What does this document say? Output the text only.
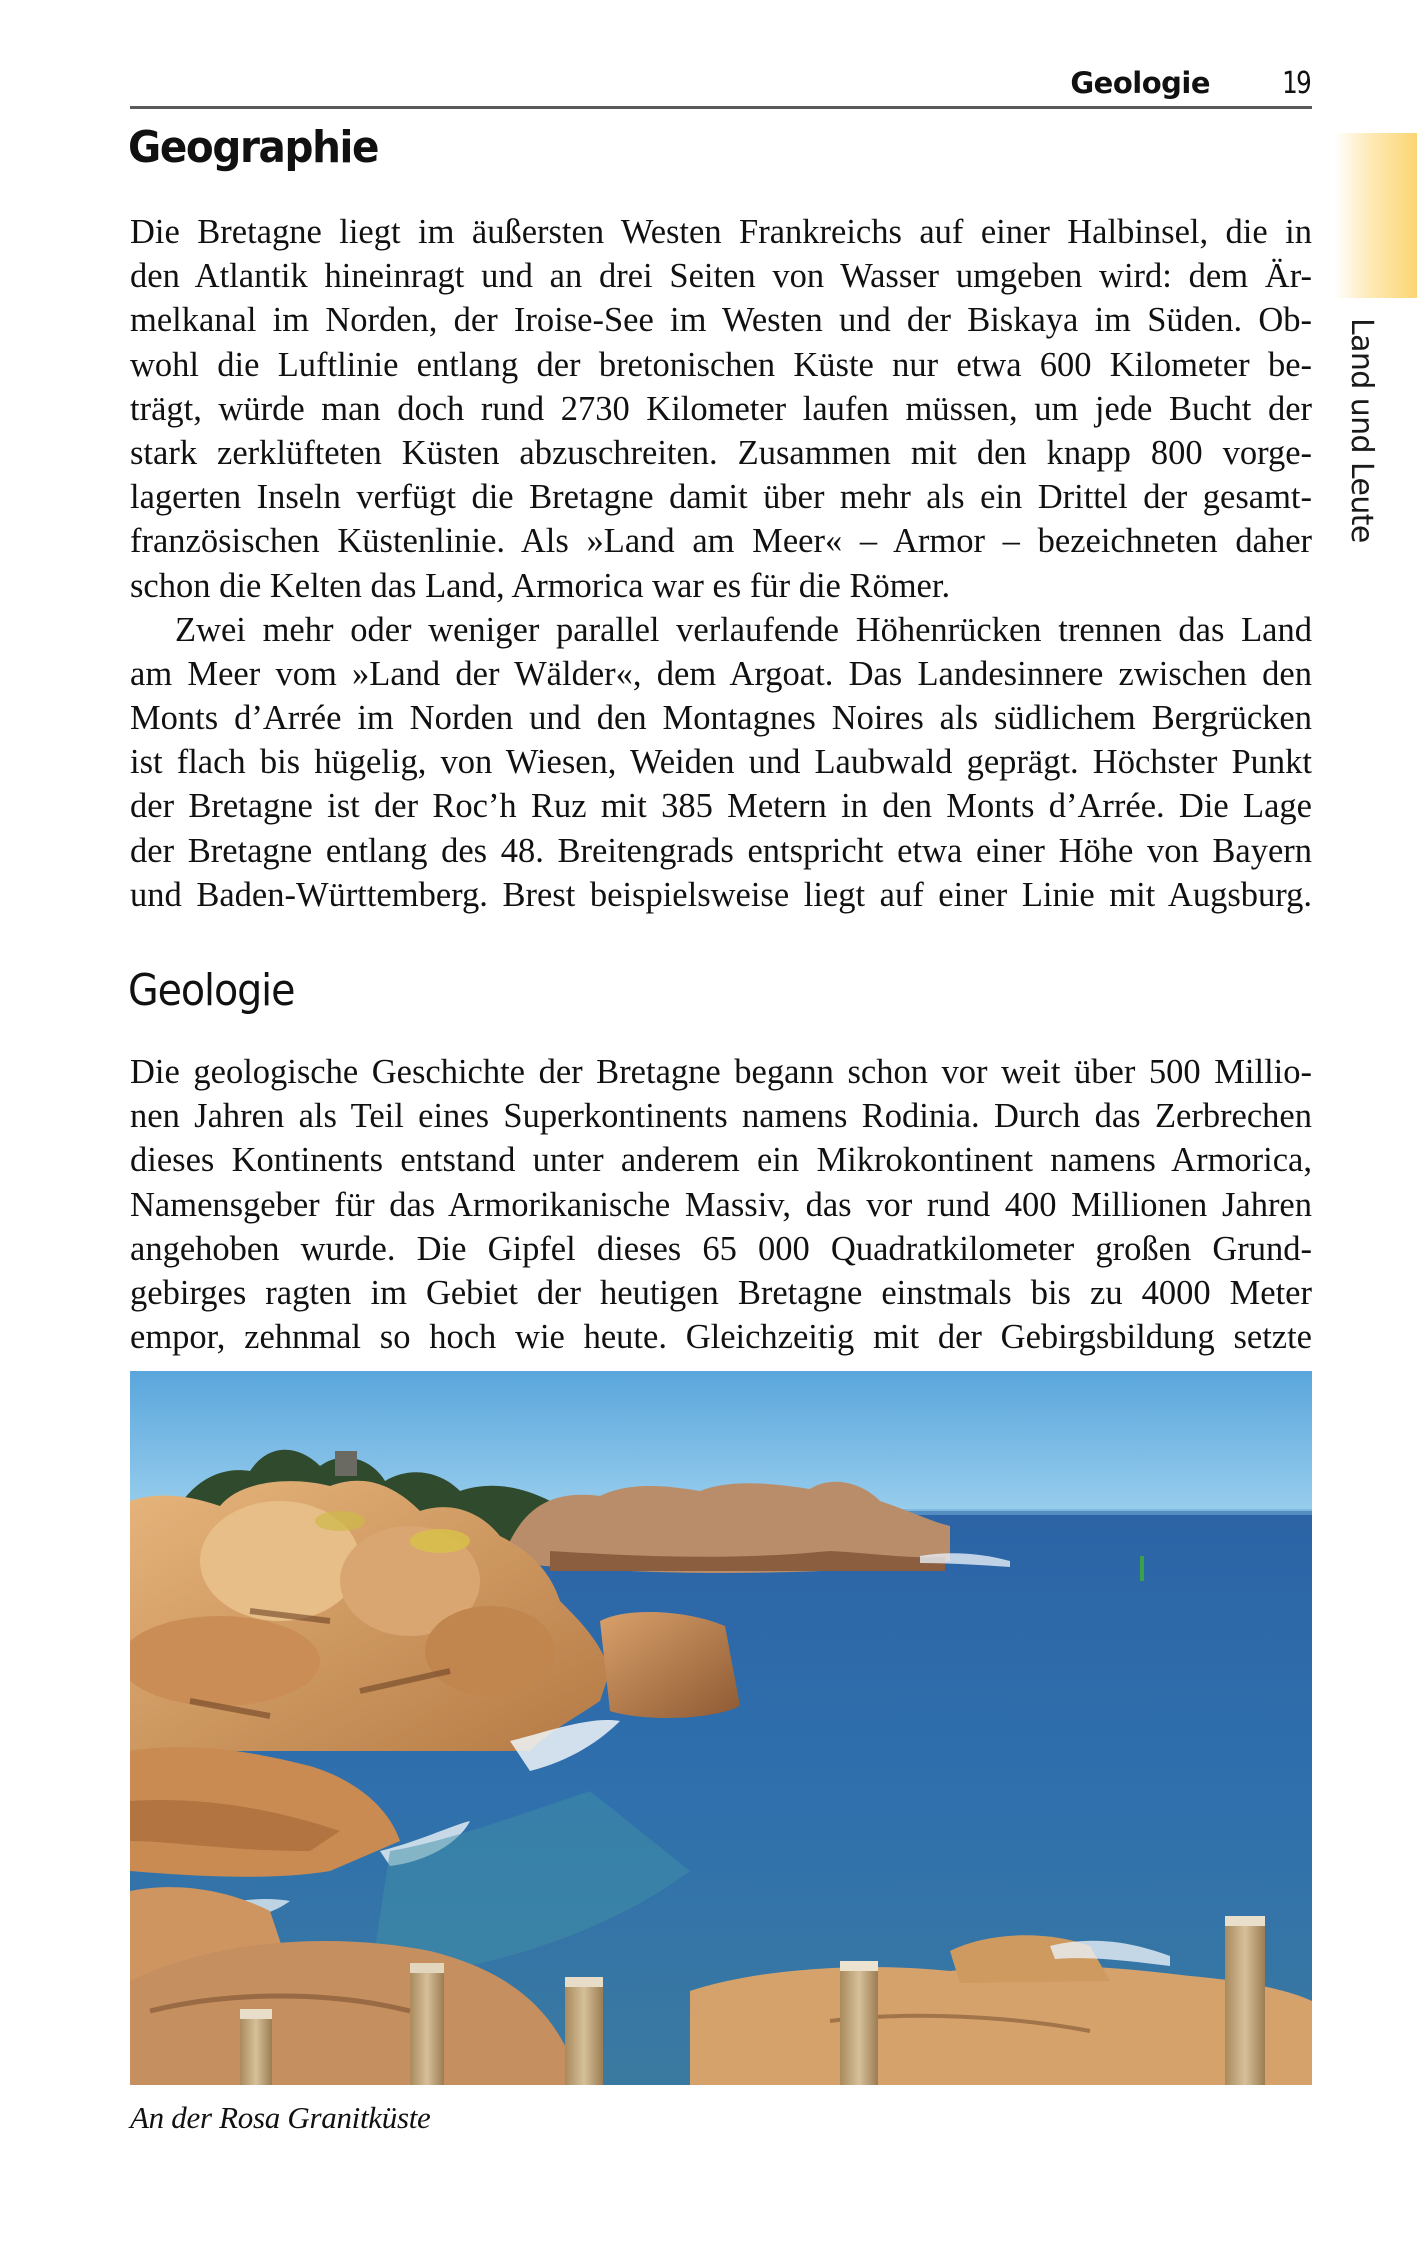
Geologie 19
Land und Leute
Geographie
Die Bretagne liegt im äußersten Westen Frankreichs auf einer Halbinsel, die in
den Atlantik hineinragt und an drei Seiten von Wasser umgeben wird: dem Är-
melkanal im Norden, der Iroise-See im Westen und der Biskaya im Süden. Ob-
wohl die Luftlinie entlang der bretonischen Küste nur etwa 600 Kilometer be-
trägt, würde man doch rund 2730 Kilometer laufen müssen, um jede Bucht der
stark zerklüfteten Küsten abzuschreiten. Zusammen mit den knapp 800 vorge-
lagerten Inseln verfügt die Bretagne damit über mehr als ein Drittel der gesamt-
französischen Küstenlinie. Als »Land am Meer« – Armor – bezeichneten daher
schon die Kelten das Land, Armorica war es für die Römer.
Zwei mehr oder weniger parallel verlaufende Höhenrücken trennen das Land
am Meer vom »Land der Wälder«, dem Argoat. Das Landesinnere zwischen den
Monts d’Arrée im Norden und den Montagnes Noires als südlichem Bergrücken
ist flach bis hügelig, von Wiesen, Weiden und Laubwald geprägt. Höchster Punkt
der Bretagne ist der Roc’h Ruz mit 385 Metern in den Monts d’Arrée. Die Lage
der Bretagne entlang des 48. Breitengrads entspricht etwa einer Höhe von Bayern
und Baden-Württemberg. Brest beispielsweise liegt auf einer Linie mit Augsburg.
Geologie
Die geologische Geschichte der Bretagne begann schon vor weit über 500 Millio-
nen Jahren als Teil eines Superkontinents namens Rodinia. Durch das Zerbrechen
dieses Kontinents entstand unter anderem ein Mikrokontinent namens Armorica,
Namensgeber für das Armorikanische Massiv, das vor rund 400 Millionen Jahren
angehoben wurde. Die Gipfel dieses 65 000 Quadratkilometer großen Grund-
gebirges ragten im Gebiet der heutigen Bretagne einstmals bis zu 4000 Meter
empor, zehnmal so hoch wie heute. Gleichzeitig mit der Gebirgsbildung setzte
An der Rosa Granitküste
